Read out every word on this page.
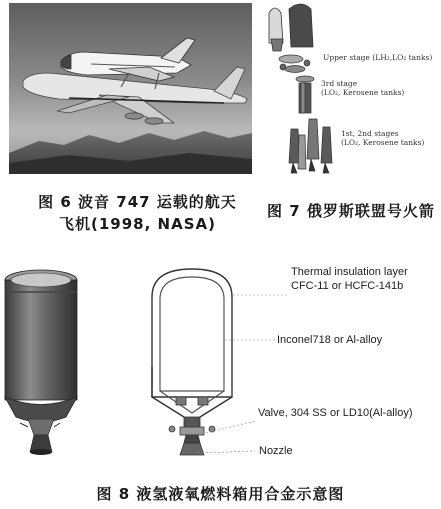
图 6 波音 747 运载的航天
飞机(1998, NASA)
Upper stage (LH₂,LO₂ tanks)
3rd stage
(LO₂, Kerosene tanks)
1st, 2nd stages
(LO₂, Kerosene tanks)
图 7 俄罗斯联盟号火箭
Thermal insulation layer
CFC-11 or HCFC-141b
Inconel718 or Al-alloy
Valve, 304 SS or LD10(Al-alloy)
Nozzle
图 8 液氢液氧燃料箱用合金示意图
